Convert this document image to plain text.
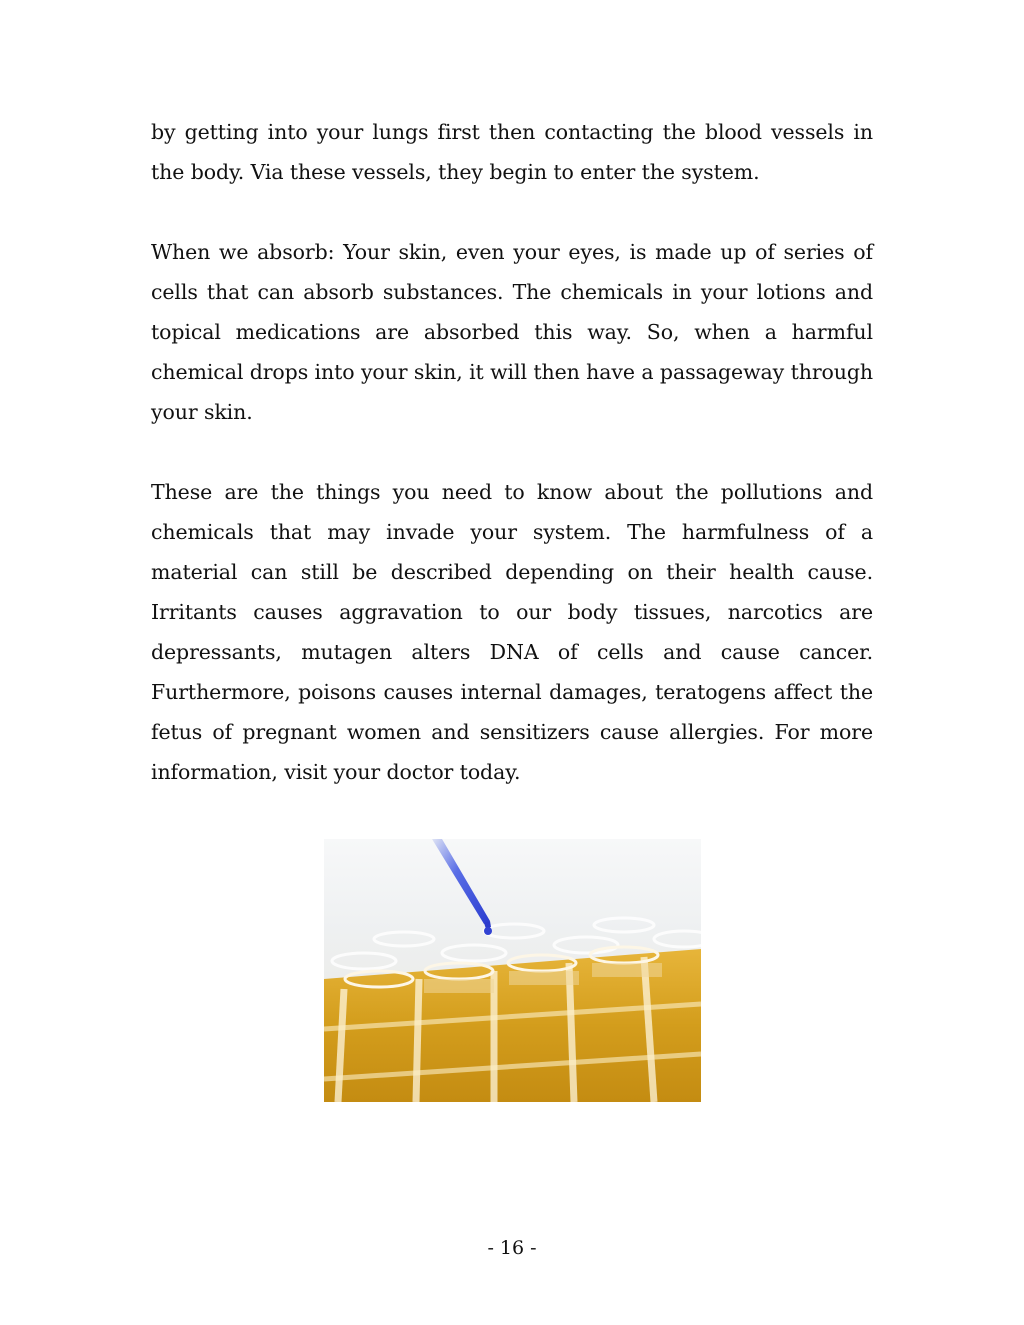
by getting into your lungs first then contacting the blood vessels in the body. Via these vessels, they begin to enter the system.

When we absorb: Your skin, even your eyes, is made up of series of cells that can absorb substances. The chemicals in your lotions and topical medications are absorbed this way. So, when a harmful chemical drops into your skin, it will then have a passageway through your skin.

These are the things you need to know about the pollutions and chemicals that may invade your system. The harmfulness of a material can still be described depending on their health cause. Irritants causes aggravation to our body tissues, narcotics are depressants, mutagen alters DNA of cells and cause cancer. Furthermore, poisons causes internal damages, teratogens affect the fetus of pregnant women and sensitizers cause allergies. For more information, visit your doctor today.

- 16 -
